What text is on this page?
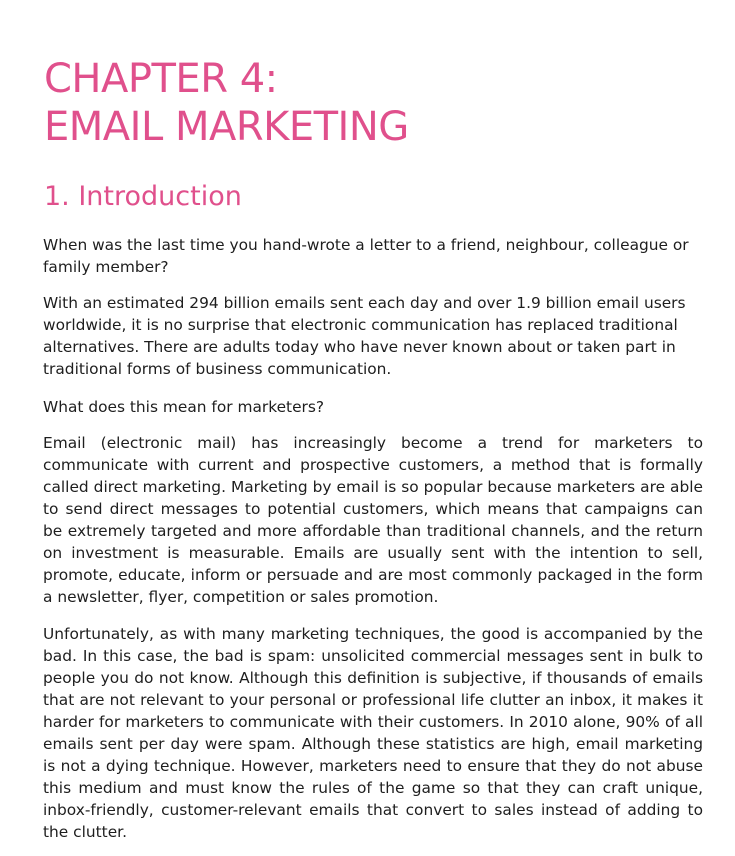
CHAPTER 4:
EMAIL MARKETING
1. Introduction

When was the last time you hand-wrote a letter to a friend, neighbour, colleague or family member?

With an estimated 294 billion emails sent each day and over 1.9 billion email users worldwide, it is no surprise that electronic communication has replaced traditional alternatives. There are adults today who have never known about or taken part in traditional forms of business communication.

What does this mean for marketers?

Email (electronic mail) has increasingly become a trend for marketers to communicate with current and prospective customers, a method that is formally called direct marketing. Marketing by email is so popular because marketers are able to send direct messages to potential customers, which means that campaigns can be extremely targeted and more affordable than traditional channels, and the return on investment is measurable. Emails are usually sent with the intention to sell, promote, educate, inform or persuade and are most commonly packaged in the form a newsletter, flyer, competition or sales promotion.

Unfortunately, as with many marketing techniques, the good is accompanied by the bad. In this case, the bad is spam: unsolicited commercial messages sent in bulk to people you do not know. Although this definition is subjective, if thousands of emails that are not relevant to your personal or professional life clutter an inbox, it makes it harder for marketers to communicate with their customers. In 2010 alone, 90% of all emails sent per day were spam. Although these statistics are high, email marketing is not a dying technique. However, marketers need to ensure that they do not abuse this medium and must know the rules of the game so that they can craft unique, inbox-friendly, customer-relevant emails that convert to sales instead of adding to the clutter.
